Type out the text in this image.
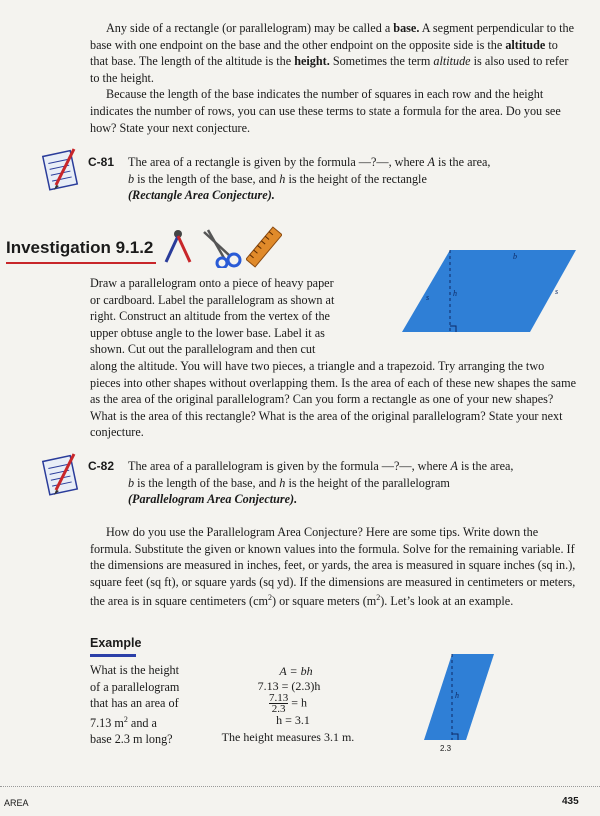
Any side of a rectangle (or parallelogram) may be called a base. A segment perpendicular to the base with one endpoint on the base and the other endpoint on the opposite side is the altitude to that base. The length of the altitude is the height. Sometimes the term altitude is also used to refer to the height.

Because the length of the base indicates the number of squares in each row and the height indicates the number of rows, you can use these terms to state a formula for the area. Do you see how? State your next conjecture.

C-81 The area of a rectangle is given by the formula —?—, where A is the area,
b is the length of the base, and h is the height of the rectangle
(Rectangle Area Conjecture).
Investigation 9.1.2	b
h
s
s
Draw a parallelogram onto a piece of heavy paper
or cardboard. Label the parallelogram as shown at
right. Construct an altitude from the vertex of the
upper obtuse angle to the lower base. Label it as
shown. Cut out the parallelogram and then cut
along the altitude. You will have two pieces, a triangle and a trapezoid. Try arranging the two pieces into other shapes without overlapping them. Is the area of each of these new shapes the same as the area of the original parallelogram? Can you form a rectangle as one of your new shapes? What is the area of this rectangle? What is the area of the original parallelogram? State your next conjecture.
C-82 The area of a parallelogram is given by the formula —?—, where A is the area,
b is the length of the base, and h is the height of the parallelogram
(Parallelogram Area Conjecture).

How do you use the Parallelogram Area Conjecture? Here are some tips. Write down the formula. Substitute the given or known values into the formula. Solve for the remaining variable. If the dimensions are measured in inches, feet, or yards, the area is measured in square inches (sq in.), square feet (sq ft), or square yards (sq yd). If the dimensions are measured in centimeters or meters, the area is in square centimeters $(cm^2)$ or square meters $(m^2)$. Let’s look at an example.

Example
What is the height
of a parallelogram
that has an area of
7.13 $m^2$ and a
base 2.3 m long?
A = bh
7.13 = (2.3)h
$\frac{7.13}{2.3} = h$
h = 3.1
The height measures 3.1 m.
h
2.3
AREA	435
